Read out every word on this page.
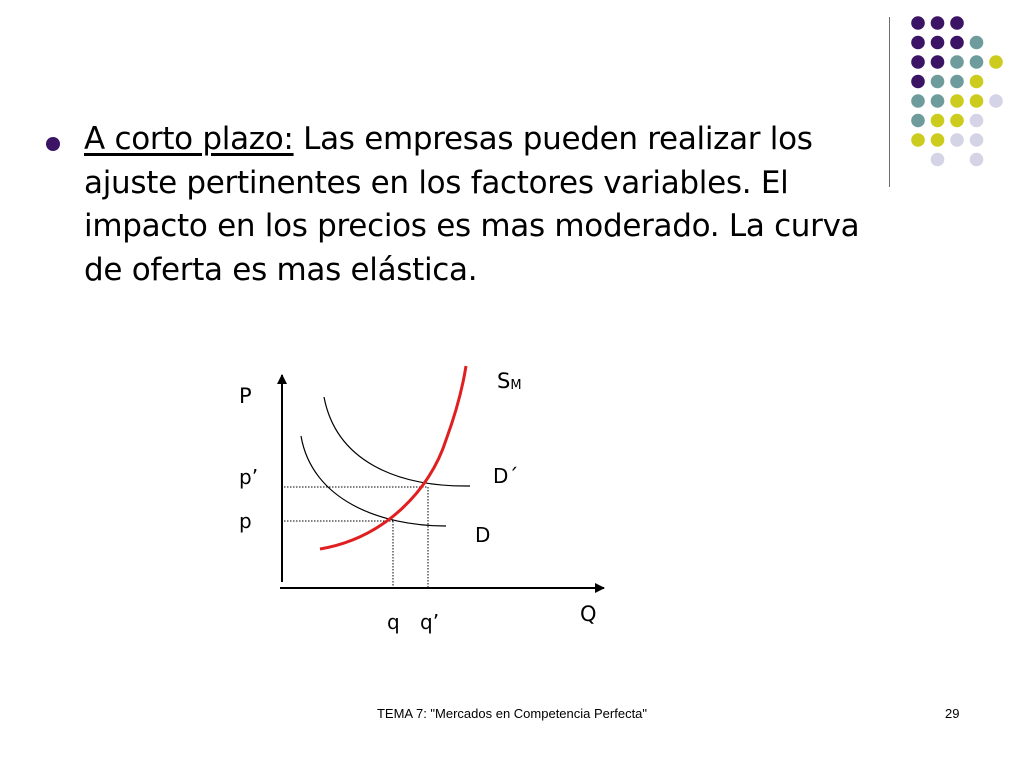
A corto plazo: Las empresas pueden realizar los ajuste pertinentes en los factores variables. El impacto en los precios es mas moderado. La curva de oferta es mas elástica.
P
Q
SM
D´
D
p’
p
q q’
TEMA 7: "Mercados en Competencia Perfecta"	29
